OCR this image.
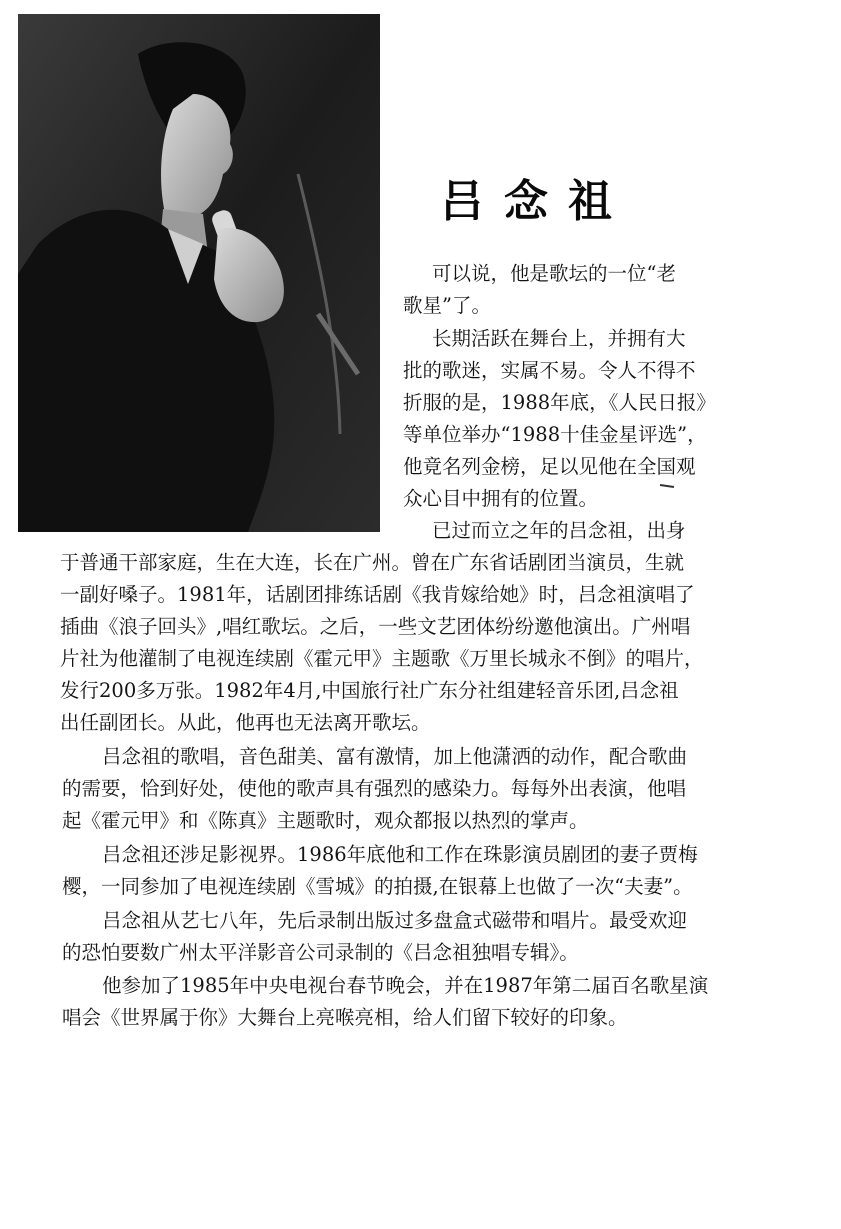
吕念祖

可以说，他是歌坛的一位“老

歌星”了。

长期活跃在舞台上，并拥有大

批的歌迷，实属不易。令人不得不

折服的是，1988年底，《人民日报》

等单位举办“1988十佳金星评选”，

他竟名列金榜，足以见他在全国观

众心目中拥有的位置。

已过而立之年的吕念祖，出身

于普通干部家庭，生在大连，长在广州。曾在广东省话剧团当演员，生就

一副好嗓子。1981年，话剧团排练话剧《我肯嫁给她》时，吕念祖演唱了

插曲《浪子回头》,唱红歌坛。之后，一些文艺团体纷纷邀他演出。广州唱

片社为他灌制了电视连续剧《霍元甲》主题歌《万里长城永不倒》的唱片，

发行200多万张。1982年4月,中国旅行社广东分社组建轻音乐团,吕念祖

出任副团长。从此，他再也无法离开歌坛。

吕念祖的歌唱，音色甜美、富有激情，加上他潇洒的动作，配合歌曲

的需要，恰到好处，使他的歌声具有强烈的感染力。每每外出表演，他唱

起《霍元甲》和《陈真》主题歌时，观众都报以热烈的掌声。

吕念祖还涉足影视界。1986年底他和工作在珠影演员剧团的妻子贾梅

樱，一同参加了电视连续剧《雪城》的拍摄,在银幕上也做了一次“夫妻”。

吕念祖从艺七八年，先后录制出版过多盘盒式磁带和唱片。最受欢迎

的恐怕要数广州太平洋影音公司录制的《吕念祖独唱专辑》。

他参加了1985年中央电视台春节晚会，并在1987年第二届百名歌星演

唱会《世界属于你》大舞台上亮喉亮相，给人们留下较好的印象。
